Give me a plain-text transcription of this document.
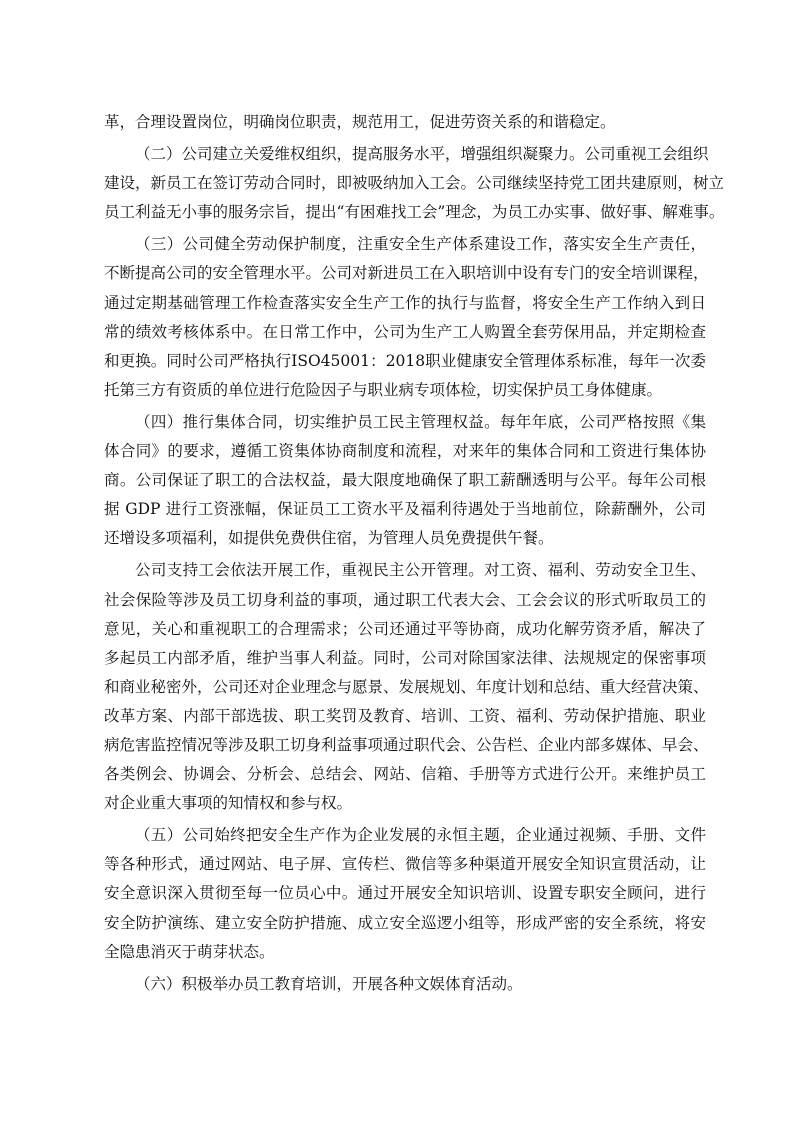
革，合理设置岗位，明确岗位职责，规范用工，促进劳资关系的和谐稳定。
（二）公司建立关爱维权组织，提高服务水平，增强组织凝聚力。公司重视工会组织
建设，新员工在签订劳动合同时，即被吸纳加入工会。公司继续坚持党工团共建原则，树立
员工利益无小事的服务宗旨，提出“有困难找工会”理念，为员工办实事、做好事、解难事。
（三）公司健全劳动保护制度，注重安全生产体系建设工作，落实安全生产责任，
不断提高公司的安全管理水平。公司对新进员工在入职培训中设有专门的安全培训课程，
通过定期基础管理工作检查落实安全生产工作的执行与监督，将安全生产工作纳入到日
常的绩效考核体系中。在日常工作中，公司为生产工人购置全套劳保用品，并定期检查
和更换。同时公司严格执行ISO45001：2018职业健康安全管理体系标准，每年一次委
托第三方有资质的单位进行危险因子与职业病专项体检，切实保护员工身体健康。
（四）推行集体合同，切实维护员工民主管理权益。每年年底，公司严格按照《集
体合同》的要求，遵循工资集体协商制度和流程，对来年的集体合同和工资进行集体协
商。公司保证了职工的合法权益，最大限度地确保了职工薪酬透明与公平。每年公司根
据 GDP 进行工资涨幅，保证员工工资水平及福利待遇处于当地前位，除薪酬外，公司
还增设多项福利，如提供免费供住宿，为管理人员免费提供午餐。
公司支持工会依法开展工作，重视民主公开管理。对工资、福利、劳动安全卫生、
社会保险等涉及员工切身利益的事项，通过职工代表大会、工会会议的形式听取员工的
意见，关心和重视职工的合理需求；公司还通过平等协商，成功化解劳资矛盾，解决了
多起员工内部矛盾，维护当事人利益。同时，公司对除国家法律、法规规定的保密事项
和商业秘密外，公司还对企业理念与愿景、发展规划、年度计划和总结、重大经营决策、
改革方案、内部干部选拔、职工奖罚及教育、培训、工资、福利、劳动保护措施、职业
病危害监控情况等涉及职工切身利益事项通过职代会、公告栏、企业内部多媒体、早会、
各类例会、协调会、分析会、总结会、网站、信箱、手册等方式进行公开。来维护员工
对企业重大事项的知情权和参与权。
（五）公司始终把安全生产作为企业发展的永恒主题，企业通过视频、手册、文件
等各种形式，通过网站、电子屏、宣传栏、微信等多种渠道开展安全知识宣贯活动，让
安全意识深入贯彻至每一位员心中。通过开展安全知识培训、设置专职安全顾问，进行
安全防护演练、建立安全防护措施、成立安全巡逻小组等，形成严密的安全系统，将安
全隐患消灭于萌芽状态。
（六）积极举办员工教育培训，开展各种文娱体育活动。
